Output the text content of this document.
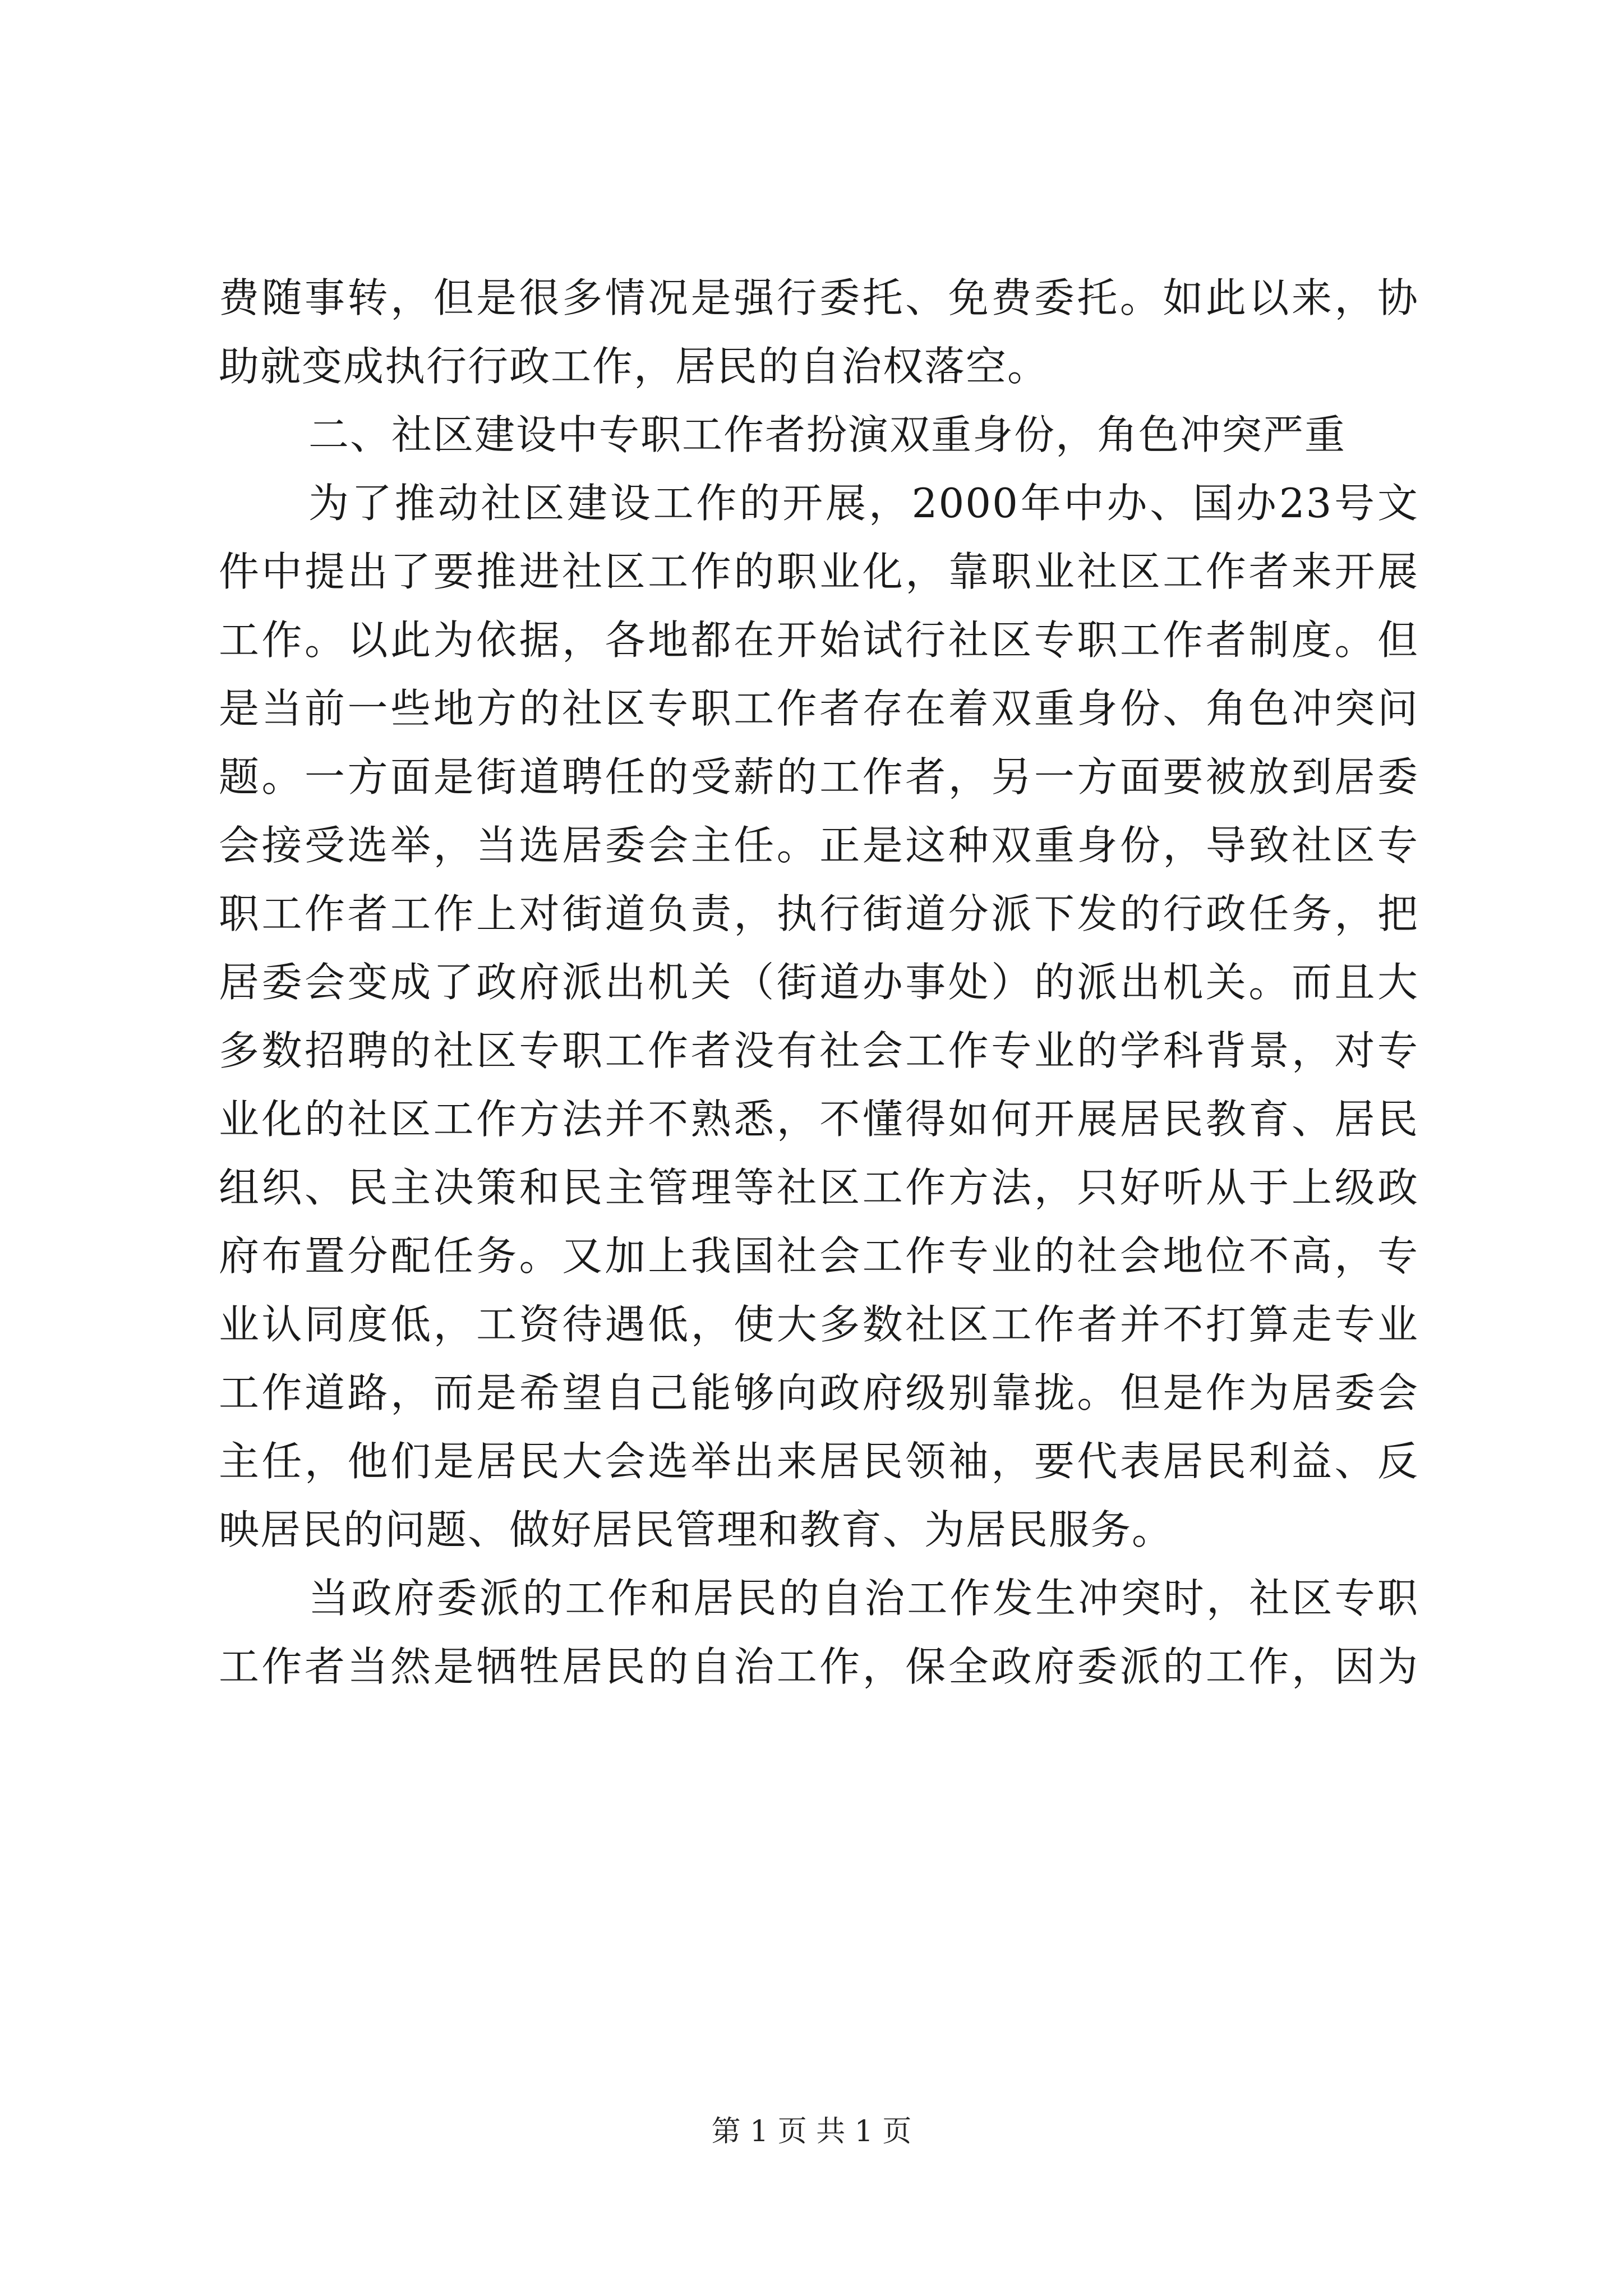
费随事转，但是很多情况是强行委托、免费委托。如此以来，协
助就变成执行行政工作，居民的自治权落空。
二、社区建设中专职工作者扮演双重身份，角色冲突严重
为了推动社区建设工作的开展，2000年中办、国办23号文
件中提出了要推进社区工作的职业化，靠职业社区工作者来开展
工作。以此为依据，各地都在开始试行社区专职工作者制度。但
是当前一些地方的社区专职工作者存在着双重身份、角色冲突问
题。一方面是街道聘任的受薪的工作者，另一方面要被放到居委
会接受选举，当选居委会主任。正是这种双重身份，导致社区专
职工作者工作上对街道负责，执行街道分派下发的行政任务，把
居委会变成了政府派出机关（街道办事处）的派出机关。而且大
多数招聘的社区专职工作者没有社会工作专业的学科背景，对专
业化的社区工作方法并不熟悉，不懂得如何开展居民教育、居民
组织、民主决策和民主管理等社区工作方法，只好听从于上级政
府布置分配任务。又加上我国社会工作专业的社会地位不高，专
业认同度低，工资待遇低，使大多数社区工作者并不打算走专业
工作道路，而是希望自己能够向政府级别靠拢。但是作为居委会
主任，他们是居民大会选举出来居民领袖，要代表居民利益、反
映居民的问题、做好居民管理和教育、为居民服务。
当政府委派的工作和居民的自治工作发生冲突时，社区专职
工作者当然是牺牲居民的自治工作，保全政府委派的工作，因为
第 1 页 共 1 页
